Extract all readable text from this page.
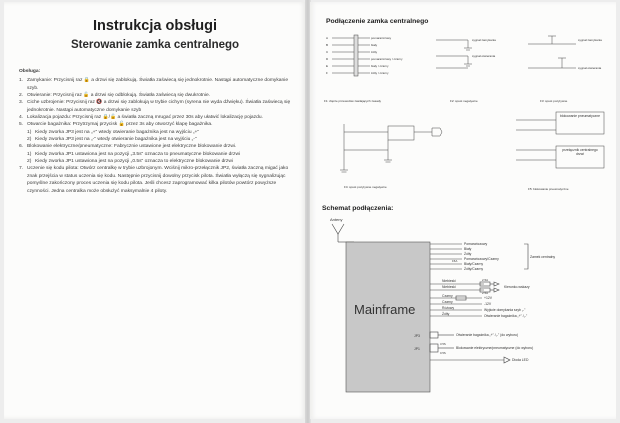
Instrukcja obsługi
Sterowanie zamka centralnego
Obsługa:
1. Zamykanie: Przycisnij raz 🔒 a drzwi się zablokują. Światła zaświecą się jednokrotnie. Nastąpi automatyczne domykanie szyb.
2. Otwieranie: Przycisnij raz 🔓 a drzwi się odblokują. Światła zaświecą się dwukrotnie.
3. Ciche uzbrojenie: Przycisnij raz 🔇 a drzwi się zablokują w trybie cichym (syrena nie wyda dźwięku). Światła zaświecą się jednokrotnie. Nastąpi automatyczne domykanie szyb
4. Lokalizacja pojazdu: Przycisnij raz 🔒/🔓 a światła zaczną mrugać przez 30s aby ułatwić lokalizację pojazdu.
5. Otwarcie bagażnika: Przytrzymaj przycisk 🔓 przez 3s aby otworzyć klapę bagażnika.
1) Kiedy zworka JP3 jest na „+" wtedy otwieranie bagażnika jest na wyjściu „+"
2) Kiedy zworka JP3 jest na „-" wtedy otwieranie bagażnika jest na wyjściu „-"
6. Blokowanie elektryczne/pneumatyczne: Fabrycznie ustawione jest elektryczne blokowanie drzwi.
1) Kiedy zworka JP1 ustawiona jest na pozycji „3.5s" oznacza to pneumatyczne blokowanie drzwi
2) Kiedy zworka JP1 ustawiona jest na pozycji „0.5s" oznacza to elektryczne blokowanie drzwi
7. Uczenie się kodu pilota: Otwórz centralkę w trybie uzbrojonym. Wciśnij mikro-przełącznik JP2, światła zaczną migać jako znak przejścia w status uczenia się kodu. Następnie przycisnij dowolny przycisk pilota. Światła wyłączą się sygnalizując pomyślne zakończony proces uczenia się kodu pilota. Jeśli chcesz zaprogramować kilka pilotów powtórz powyższe czynności. Jedna centralka może obsłużyć maksymalnie 4 piloty.
Podłączenie zamka centralnego
A
B
C
D
E
F
pomarańczowy
biały
żółty
pomarańczowy / czarny
biały / czarny
żółty / czarny
F1: złącze przewodów zasilających zasady
sygnał zamykania
sygnał otwierania
F2: spust negatywne
sygnał zamykania
sygnał otwierania
F3: spust pozytywne
F4: spust pozytywne negatywne
blokowanie pneumatyczne
przełącznik centralnego drzwi
F5: blokowanie pneumatyczne
Schemat podłączenia:
Anteny
Mainframe
Pomarańczowy
Biały
Żółty
Pomarańczowy/Czarny
Biały/Czarny
Żółty/Czarny
Zamek centralny
15A
Niebieski
Niebieski
2.5A
2.5A
Kierunko-wskazy
Czarny
Czarny
Różowy
Żółty
+12V
-12V
Wyjście domykania szyb „-"
Otwieranie bagażnika „+" /„-"
JP3
JP1
3.5S
0.5S
Otwieranie bagażnika „+" /„-" (do wyboru)
Blokowanie elektryczne/pneumatyczne (do wyboru)
Dioda LED
